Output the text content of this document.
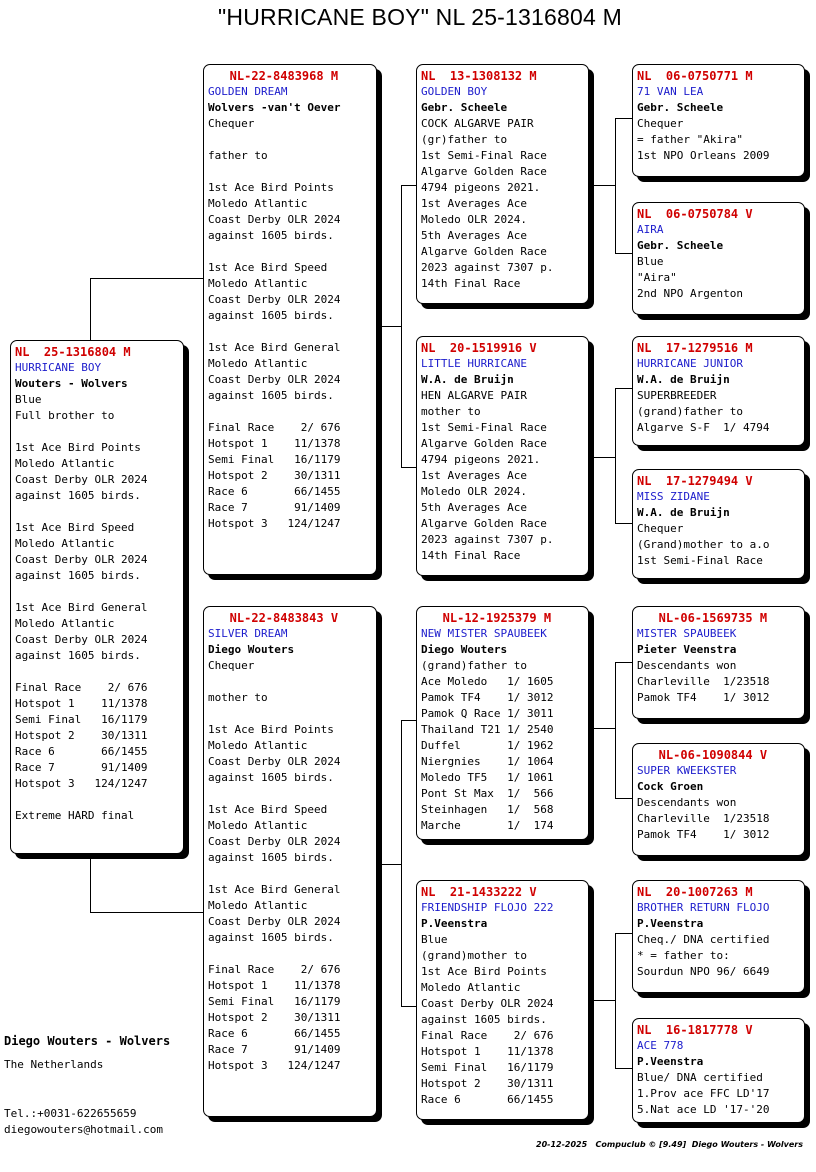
"HURRICANE BOY" NL 25-1316804 M
NL  25-1316804 M
HURRICANE BOY
Wouters - Wolvers
Blue
Full brother to
1st Ace Bird Points
Moledo Atlantic
Coast Derby OLR 2024
against 1605 birds.
1st Ace Bird Speed
Moledo Atlantic
Coast Derby OLR 2024
against 1605 birds.
1st Ace Bird General
Moledo Atlantic
Coast Derby OLR 2024
against 1605 birds.
Final Race    2/ 676
Hotspot 1    11/1378
Semi Final   16/1179
Hotspot 2    30/1311
Race 6       66/1455
Race 7       91/1409
Hotspot 3   124/1247
Extreme HARD final
NL-22-8483968 M
GOLDEN DREAM
Wolvers -van't Oever
Chequer
father to
1st Ace Bird Points
Moledo Atlantic
Coast Derby OLR 2024
against 1605 birds.
1st Ace Bird Speed
Moledo Atlantic
Coast Derby OLR 2024
against 1605 birds.
1st Ace Bird General
Moledo Atlantic
Coast Derby OLR 2024
against 1605 birds.
Final Race    2/ 676
Hotspot 1    11/1378
Semi Final   16/1179
Hotspot 2    30/1311
Race 6       66/1455
Race 7       91/1409
Hotspot 3   124/1247
NL-22-8483843 V
SILVER DREAM
Diego Wouters
Chequer
mother to
1st Ace Bird Points
Moledo Atlantic
Coast Derby OLR 2024
against 1605 birds.
1st Ace Bird Speed
Moledo Atlantic
Coast Derby OLR 2024
against 1605 birds.
1st Ace Bird General
Moledo Atlantic
Coast Derby OLR 2024
against 1605 birds.
Final Race    2/ 676
Hotspot 1    11/1378
Semi Final   16/1179
Hotspot 2    30/1311
Race 6       66/1455
Race 7       91/1409
Hotspot 3   124/1247
NL  13-1308132 M
GOLDEN BOY
Gebr. Scheele
COCK ALGARVE PAIR
(gr)father to
1st Semi-Final Race
Algarve Golden Race
4794 pigeons 2021.
1st Averages Ace
Moledo OLR 2024.
5th Averages Ace
Algarve Golden Race
2023 against 7307 p.
14th Final Race
NL  20-1519916 V
LITTLE HURRICANE
W.A. de Bruijn
HEN ALGARVE PAIR
mother to
1st Semi-Final Race
Algarve Golden Race
4794 pigeons 2021.
1st Averages Ace
Moledo OLR 2024.
5th Averages Ace
Algarve Golden Race
2023 against 7307 p.
14th Final Race
NL-12-1925379 M
NEW MISTER SPAUBEEK
Diego Wouters
(grand)father to
Ace Moledo   1/ 1605
Pamok TF4    1/ 3012
Pamok Q Race 1/ 3011
Thailand T21 1/ 2540
Duffel       1/ 1962
Niergnies    1/ 1064
Moledo TF5   1/ 1061
Pont St Max  1/  566
Steinhagen   1/  568
Marche       1/  174
NL  21-1433222 V
FRIENDSHIP FLOJO 222
P.Veenstra
Blue
(grand)mother to
1st Ace Bird Points
Moledo Atlantic
Coast Derby OLR 2024
against 1605 birds.
Final Race    2/ 676
Hotspot 1    11/1378
Semi Final   16/1179
Hotspot 2    30/1311
Race 6       66/1455
NL  06-0750771 M
71 VAN LEA
Gebr. Scheele
Chequer
= father "Akira"
1st NPO Orleans 2009
NL  06-0750784 V
AIRA
Gebr. Scheele
Blue
"Aira"
2nd NPO Argenton
NL  17-1279516 M
HURRICANE JUNIOR
W.A. de Bruijn
SUPERBREEDER
(grand)father to
Algarve S-F  1/ 4794
NL  17-1279494 V
MISS ZIDANE
W.A. de Bruijn
Chequer
(Grand)mother to a.o
1st Semi-Final Race
NL-06-1569735 M
MISTER SPAUBEEK
Pieter Veenstra
Descendants won
Charleville  1/23518
Pamok TF4    1/ 3012
NL-06-1090844 V
SUPER KWEEKSTER
Cock Groen
Descendants won
Charleville  1/23518
Pamok TF4    1/ 3012
NL  20-1007263 M
BROTHER RETURN FLOJO
P.Veenstra
Cheq./ DNA certified
* = father to:
Sourdun NPO 96/ 6649
NL  16-1817778 V
ACE 778
P.Veenstra
Blue/ DNA certified
1.Prov ace FFC LD'17
5.Nat ace LD '17-'20
Diego Wouters - Wolvers
The Netherlands
Tel.:+0031-622655659
diegowouters@hotmail.com
20-12-2025   Compuclub © [9.49]  Diego Wouters - Wolvers
